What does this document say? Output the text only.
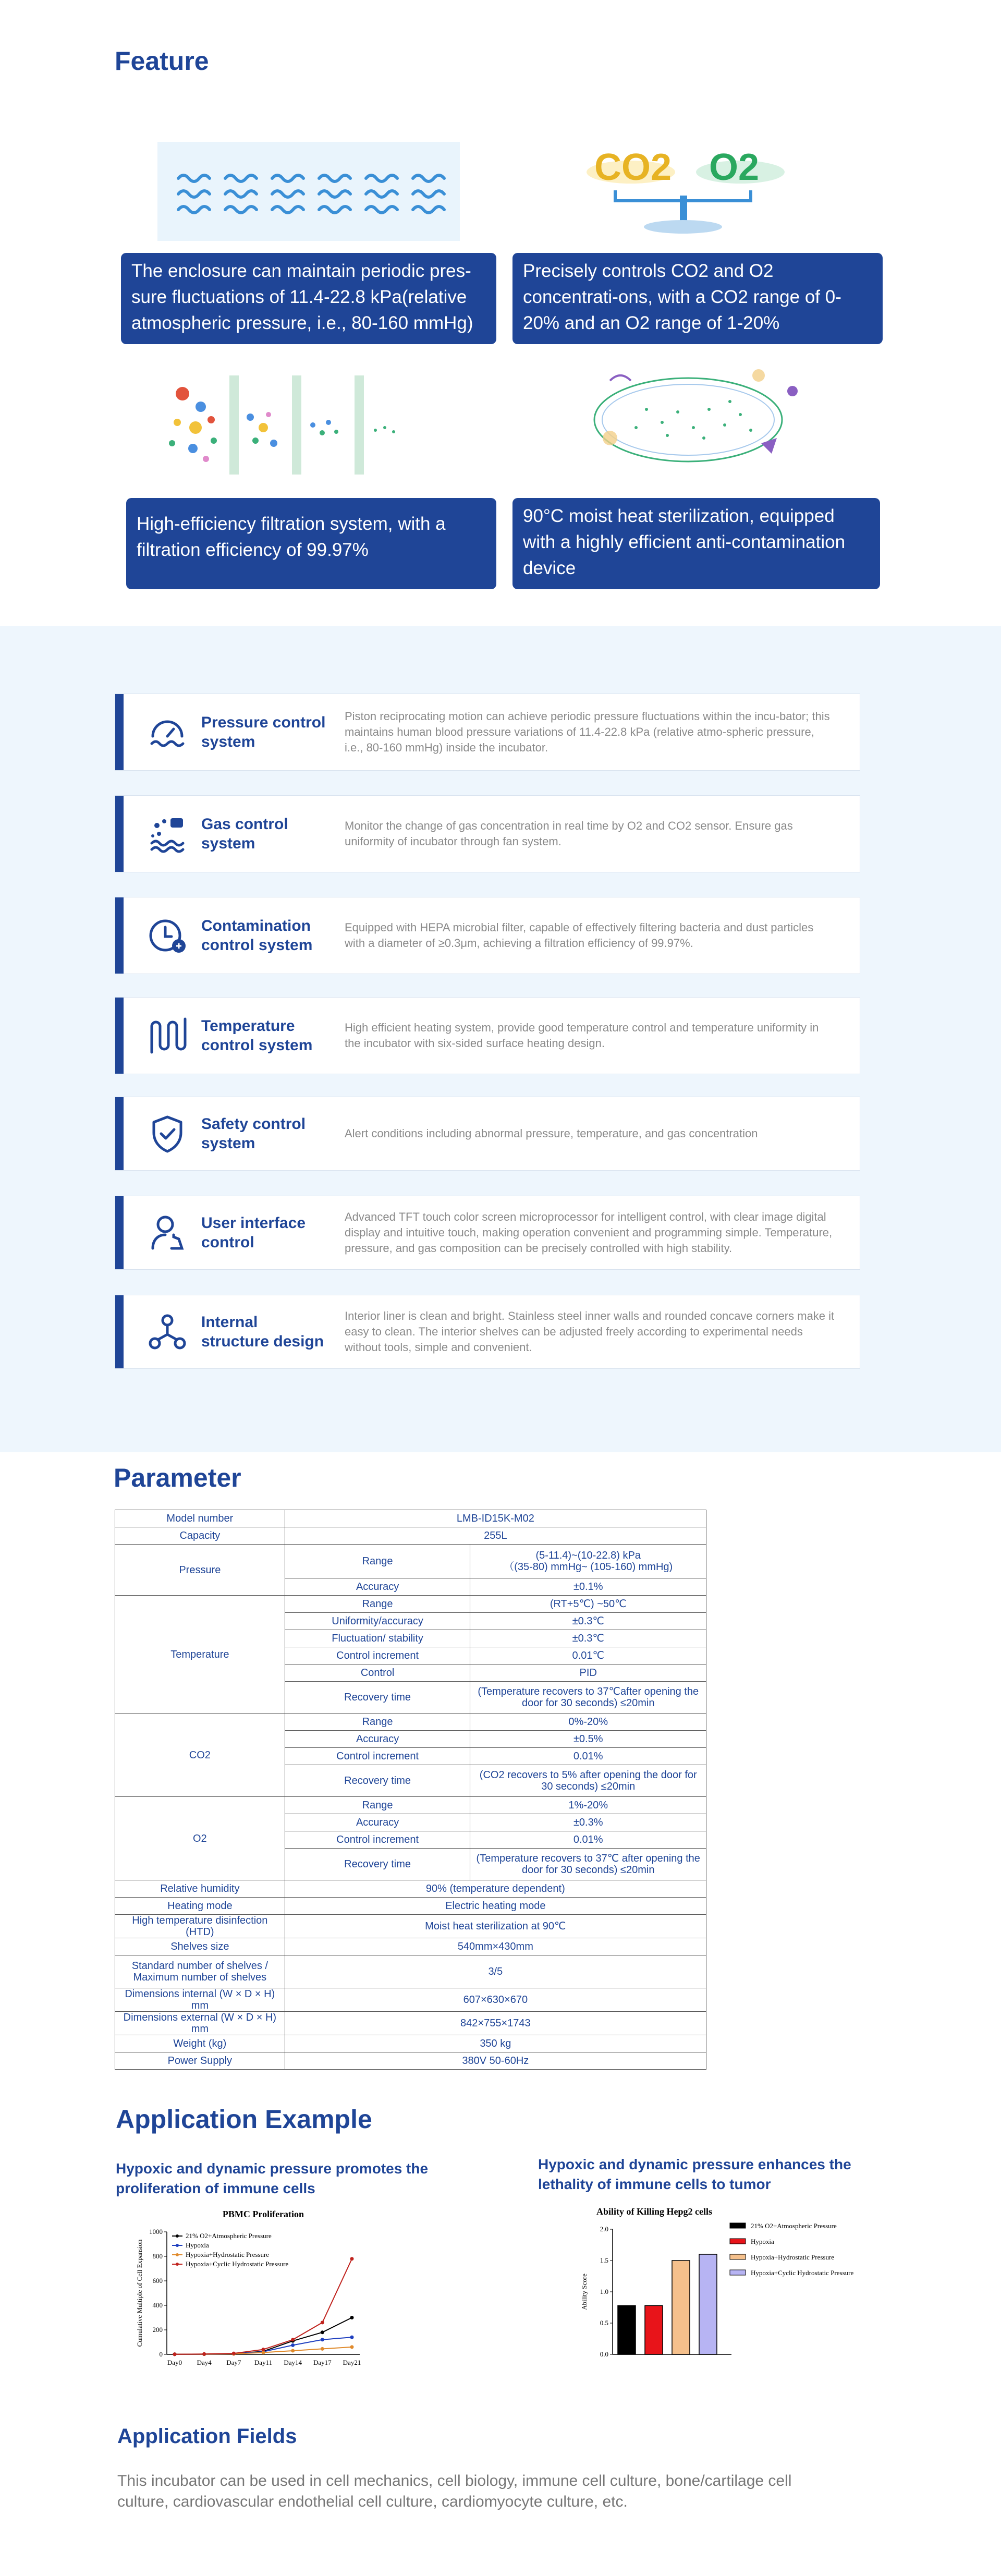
Feature
CO2 O2
The enclosure can maintain periodic pres-sure fluctuations of 11.4-22.8 kPa(relative atmospheric pressure, i.e., 80-160 mmHg)
Precisely controls CO2 and O2 concentrati-ons, with a CO2 range of 0-20% and an O2 range of 1-20%
High-efficiency filtration system, with a filtration efficiency of 99.97%
90°C moist heat sterilization, equipped with a highly efficient anti-contamination device
Pressure control system
Piston reciprocating motion can achieve periodic pressure fluctuations within the incu-bator; this maintains human blood pressure variations of 11.4-22.8 kPa (relative atmo-spheric pressure, i.e., 80-160 mmHg) inside the incubator.
Gas control system
Monitor the change of gas concentration in real time by O2 and CO2 sensor. Ensure gas uniformity of incubator through fan system.
Contamination control system
Equipped with HEPA microbial filter, capable of effectively filtering bacteria and dust particles with a diameter of ≥0.3μm, achieving a filtration efficiency of 99.97%.
Temperature control system
High efficient heating system, provide good temperature control and temperature uniformity in the incubator with six-sided surface heating design.
Safety control system
Alert conditions including abnormal pressure, temperature, and gas concentration
User interface control
Advanced TFT touch color screen microprocessor for intelligent control, with clear image digital display and intuitive touch, making operation convenient and programming simple. Temperature, pressure, and gas composition can be precisely controlled with high stability.
Internal structure design
Interior liner is clean and bright. Stainless steel inner walls and rounded concave corners make it easy to clean. The interior shelves can be adjusted freely according to experimental needs without tools, simple and convenient.
Parameter
Model number	LMB-ID15K-M02	
Capacity	255L	
Pressure	Range	(5-11.4)~(10-22.8) kPa
（(35-80) mmHg~ (105-160) mmHg)

	Accuracy	±0.1%
Temperature	Range	(RT+5℃) ~50℃
	Uniformity/accuracy	±0.3℃
	Fluctuation/ stability	±0.3℃
	Control increment	0.01℃
	Control	PID
	Recovery time	(Temperature recovers to 37℃after opening the door for 30 seconds) ≤20min
CO2	Range	0%-20%
	Accuracy	±0.5%
	Control increment	0.01%
	Recovery time	(CO2 recovers to 5% after opening the door for 30 seconds) ≤20min
O2	Range	1%-20%
	Accuracy	±0.3%
	Control increment	0.01%
	Recovery time	(Temperature recovers to 37℃ after opening the door for 30 seconds) ≤20min
Relative humidity	90% (temperature dependent)	
Heating mode	Electric heating mode	
High temperature disinfection (HTD)	Moist heat sterilization at 90℃	
Shelves size	540mm×430mm	
Standard number of shelves / Maximum number of shelves	3/5	
Dimensions internal (W × D × H) mm	607×630×670	
Dimensions external (W × D × H) mm	842×755×1743	
Weight (kg)	350 kg	
Power Supply	380V 50-60Hz	
Application Example
Hypoxic and dynamic pressure promotes the proliferation of immune cells
Hypoxic and dynamic pressure enhances the lethality of immune cells to tumor
PBMC Proliferation
0
200
400
600
800
1000
Day0 Day4 Day7 Day11 Day14 Day17 Day21
Cumulative Multiple of Cell Expansion
21% O2+Atmospheric Pressure
Hypoxia
Hypoxia+Hydrostatic Pressure
Hypoxia+Cyclic Hydrostatic Pressure
Ability of Killing Hepg2 cells
0.0
0.5
1.0
1.5
2.0
Ability Score
21% O2+Atmospheric Pressure
Hypoxia
Hypoxia+Hydrostatic Pressure
Hypoxia+Cyclic Hydrostatic Pressure
Application Fields
This incubator can be used in cell mechanics, cell biology, immune cell culture, bone/cartilage cell culture, cardiovascular endothelial cell culture, cardiomyocyte culture, etc.
